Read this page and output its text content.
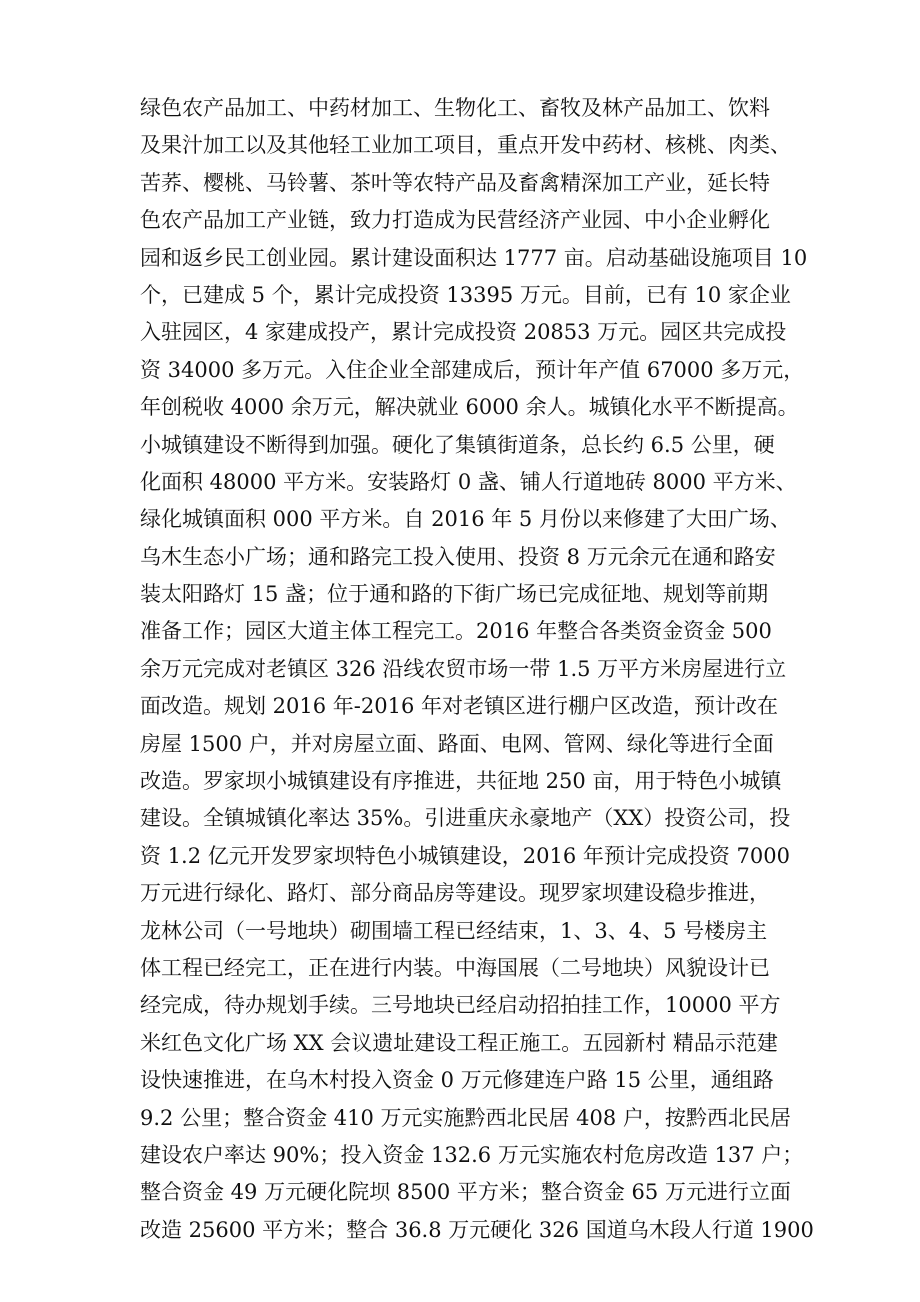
绿色农产品加工、中药材加工、生物化工、畜牧及林产品加工、饮料
及果汁加工以及其他轻工业加工项目，重点开发中药材、核桃、肉类、
苦荞、樱桃、马铃薯、茶叶等农特产品及畜禽精深加工产业，延长特
色农产品加工产业链，致力打造成为民营经济产业园、中小企业孵化
园和返乡民工创业园。累计建设面积达 1777 亩。启动基础设施项目 10
个，已建成 5 个，累计完成投资 13395 万元。目前，已有 10 家企业
入驻园区，4 家建成投产，累计完成投资 20853 万元。园区共完成投
资 34000 多万元。入住企业全部建成后，预计年产值 67000 多万元，
年创税收 4000 余万元，解决就业 6000 余人。城镇化水平不断提高。
小城镇建设不断得到加强。硬化了集镇街道条，总长约 6.5 公里，硬
化面积 48000 平方米。安装路灯 0 盏、铺人行道地砖 8000 平方米、
绿化城镇面积 000 平方米。自 2016 年 5 月份以来修建了大田广场、
乌木生态小广场；通和路完工投入使用、投资 8 万元余元在通和路安
装太阳路灯 15 盏；位于通和路的下街广场已完成征地、规划等前期
准备工作；园区大道主体工程完工。2016 年整合各类资金资金 500
余万元完成对老镇区 326 沿线农贸市场一带 1.5 万平方米房屋进行立
面改造。规划 2016 年-2016 年对老镇区进行棚户区改造，预计改在
房屋 1500 户，并对房屋立面、路面、电网、管网、绿化等进行全面
改造。罗家坝小城镇建设有序推进，共征地 250 亩，用于特色小城镇
建设。全镇城镇化率达 35%。引进重庆永豪地产（XX）投资公司，投
资 1.2 亿元开发罗家坝特色小城镇建设，2016 年预计完成投资 7000
万元进行绿化、路灯、部分商品房等建设。现罗家坝建设稳步推进，
龙林公司（一号地块）砌围墙工程已经结束，1、3、4、5 号楼房主
体工程已经完工，正在进行内装。中海国展（二号地块）风貌设计已
经完成，待办规划手续。三号地块已经启动招拍挂工作，10000 平方
米红色文化广场 XX 会议遗址建设工程正施工。五园新村 精品示范建
设快速推进，在乌木村投入资金 0 万元修建连户路 15 公里，通组路
9.2 公里；整合资金 410 万元实施黔西北民居 408 户，按黔西北民居
建设农户率达 90%；投入资金 132.6 万元实施农村危房改造 137 户；
整合资金 49 万元硬化院坝 8500 平方米；整合资金 65 万元进行立面
改造 25600 平方米；整合 36.8 万元硬化 326 国道乌木段人行道 1900
